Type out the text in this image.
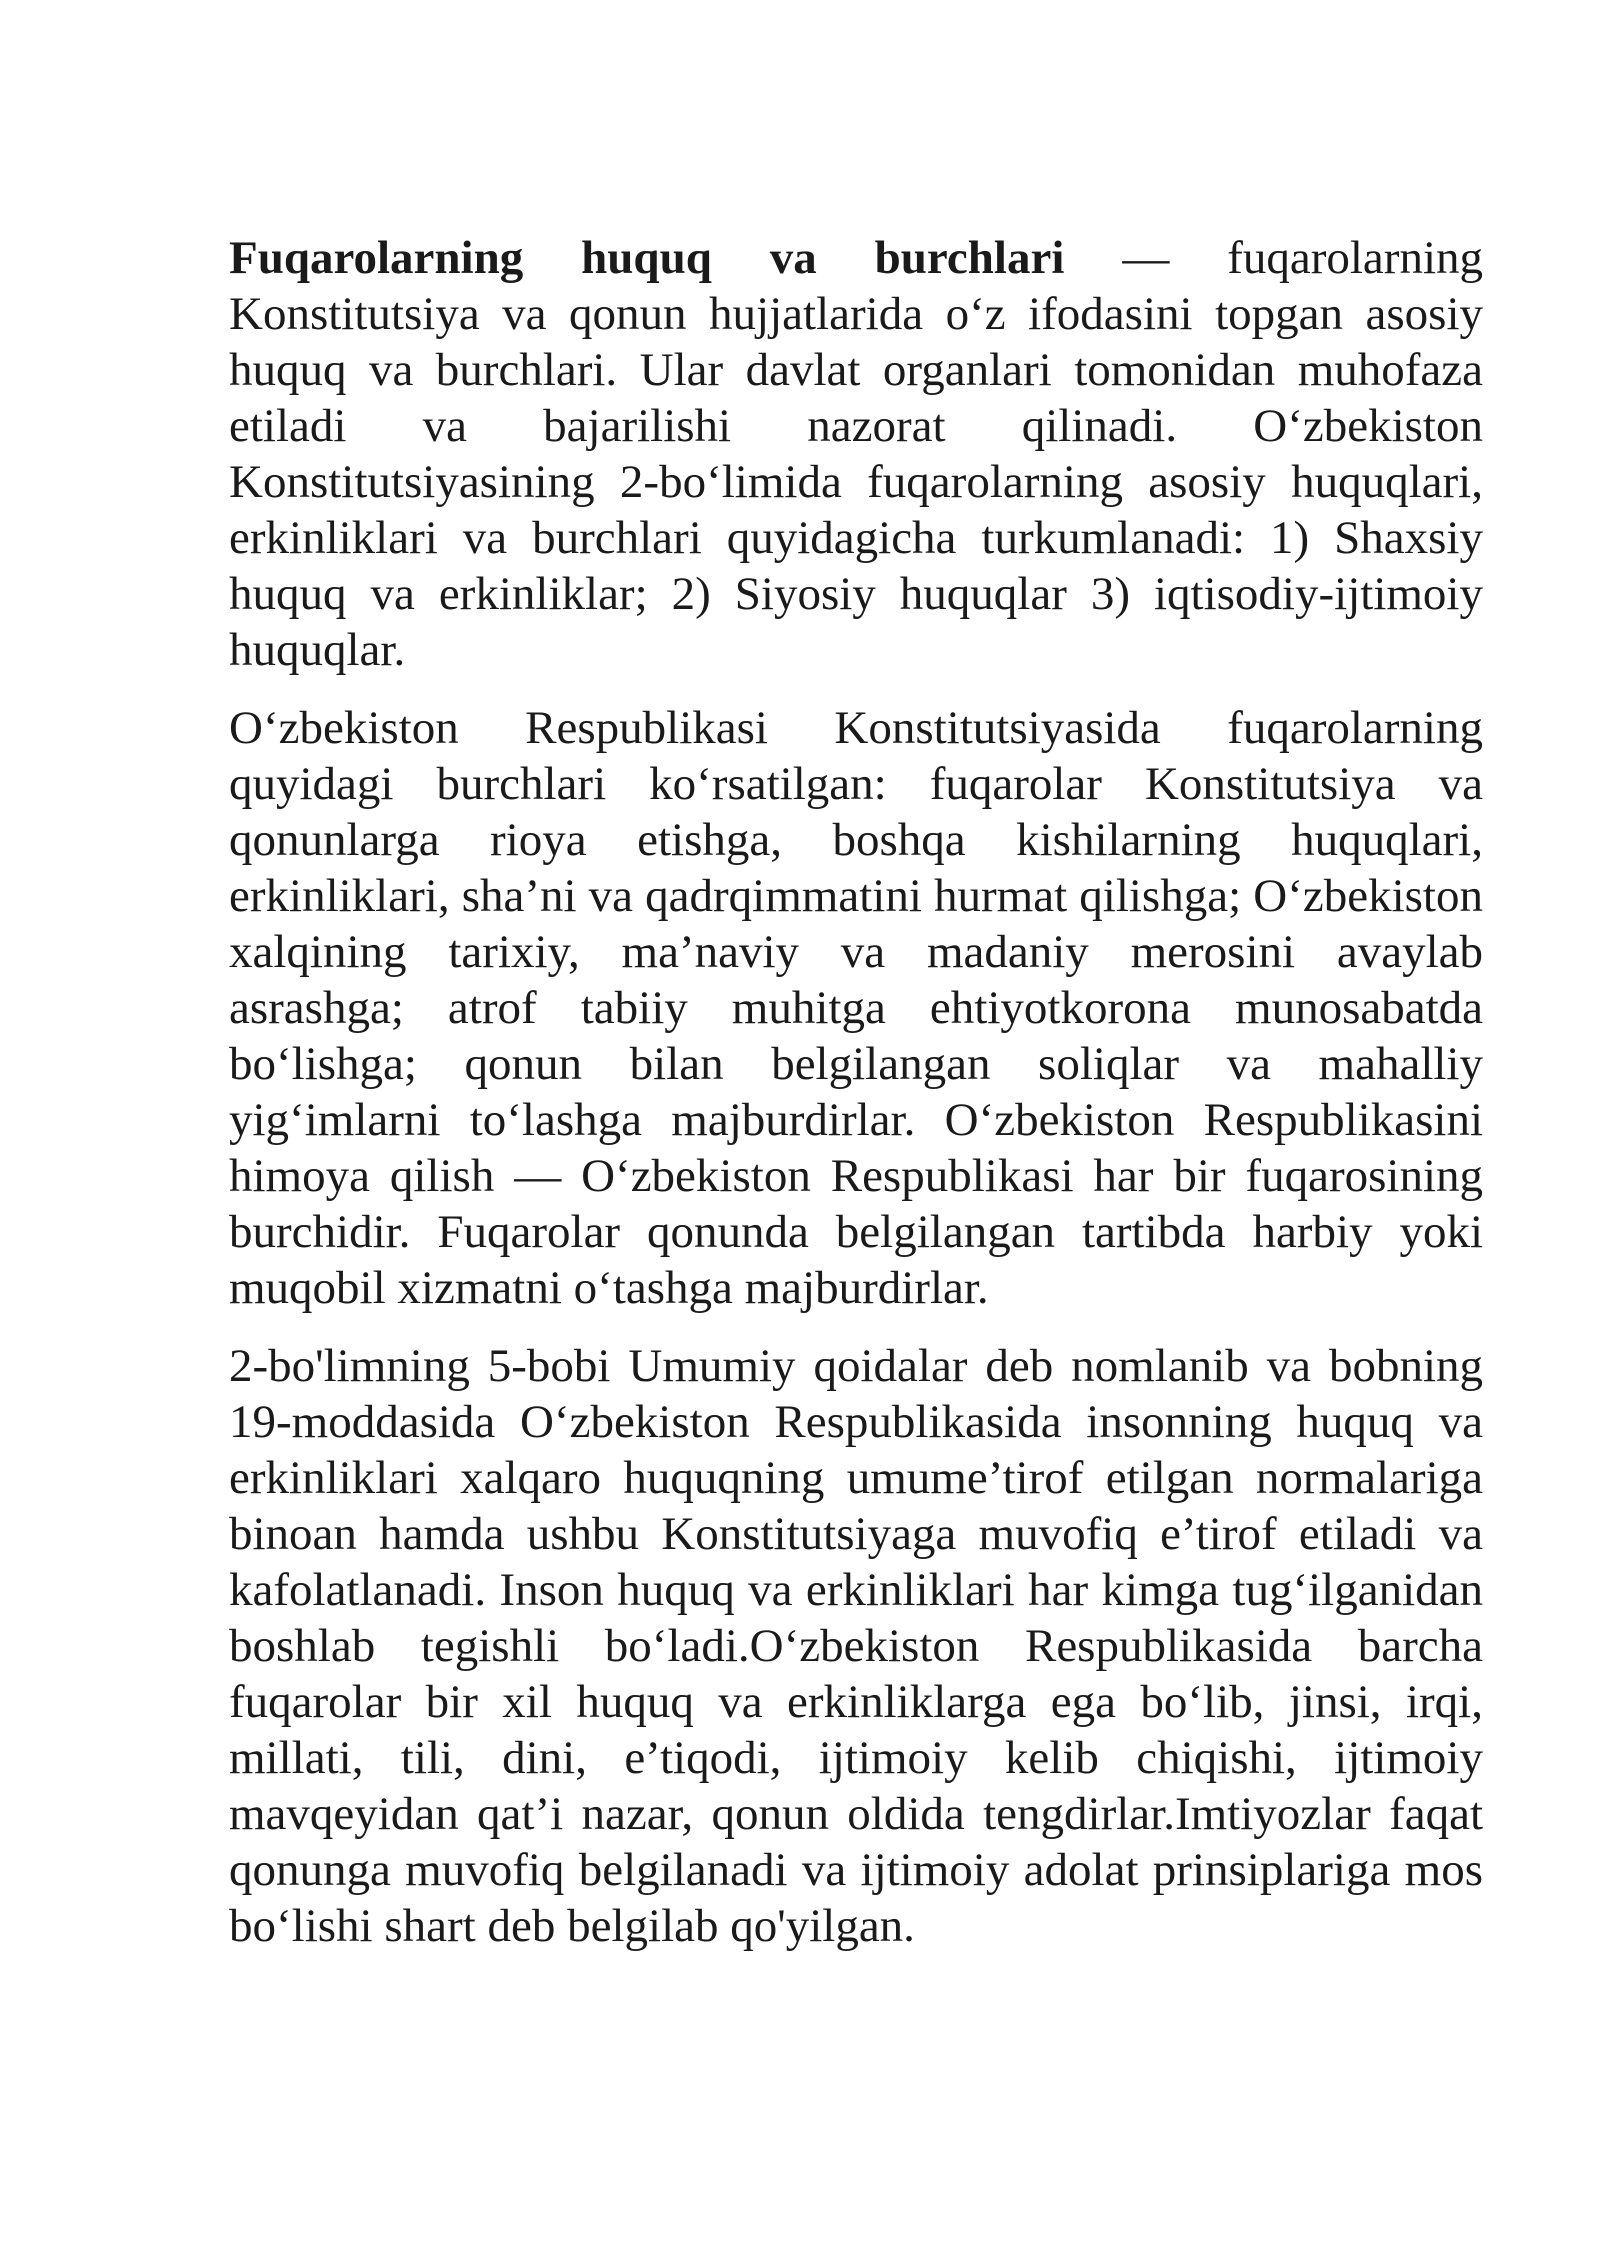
Fuqarolarning huquq va burchlari — fuqarolarning Konstitutsiya va qonun hujjatlarida o‘z ifodasini topgan asosiy huquq va burchlari. Ular davlat organlari tomonidan muhofaza etiladi va bajarilishi nazorat qilinadi. O‘zbekiston Konstitutsiyasining 2-bo‘limida fuqarolarning asosiy huquqlari, erkinliklari va burchlari quyidagicha turkumlanadi: 1) Shaxsiy huquq va erkinliklar; 2) Siyosiy huquqlar 3) iqtisodiy-ijtimoiy huquqlar.

O‘zbekiston Respublikasi Konstitutsiyasida fuqarolarning quyidagi burchlari ko‘rsatilgan: fuqarolar Konstitutsiya va qonunlarga rioya etishga, boshqa kishilarning huquqlari, erkinliklari, sha’ni va qadrqimmatini hurmat qilishga; O‘zbekiston xalqining tarixiy, ma’naviy va madaniy merosini avaylab asrashga; atrof tabiiy muhitga ehtiyotkorona munosabatda bo‘lishga; qonun bilan belgilangan soliqlar va mahalliy yig‘imlarni to‘lashga majburdirlar. O‘zbekiston Respublikasini himoya qilish — O‘zbekiston Respublikasi har bir fuqarosining burchidir. Fuqarolar qonunda belgilangan tartibda harbiy yoki muqobil xizmatni o‘tashga majburdirlar.

2-bo'limning 5-bobi Umumiy qoidalar deb nomlanib va bobning 19-moddasida O‘zbekiston Respublikasida insonning huquq va erkinliklari xalqaro huquqning umume’tirof etilgan normalariga binoan hamda ushbu Konstitutsiyaga muvofiq e’tirof etiladi va kafolatlanadi. Inson huquq va erkinliklari har kimga tug‘ilganidan boshlab tegishli bo‘ladi.O‘zbekiston Respublikasida barcha fuqarolar bir xil huquq va erkinliklarga ega bo‘lib, jinsi, irqi, millati, tili, dini, e’tiqodi, ijtimoiy kelib chiqishi, ijtimoiy mavqeyidan qat’i nazar, qonun oldida tengdirlar.Imtiyozlar faqat qonunga muvofiq belgilanadi va ijtimoiy adolat prinsiplariga mos bo‘lishi shart deb belgilab qo'yilgan.
